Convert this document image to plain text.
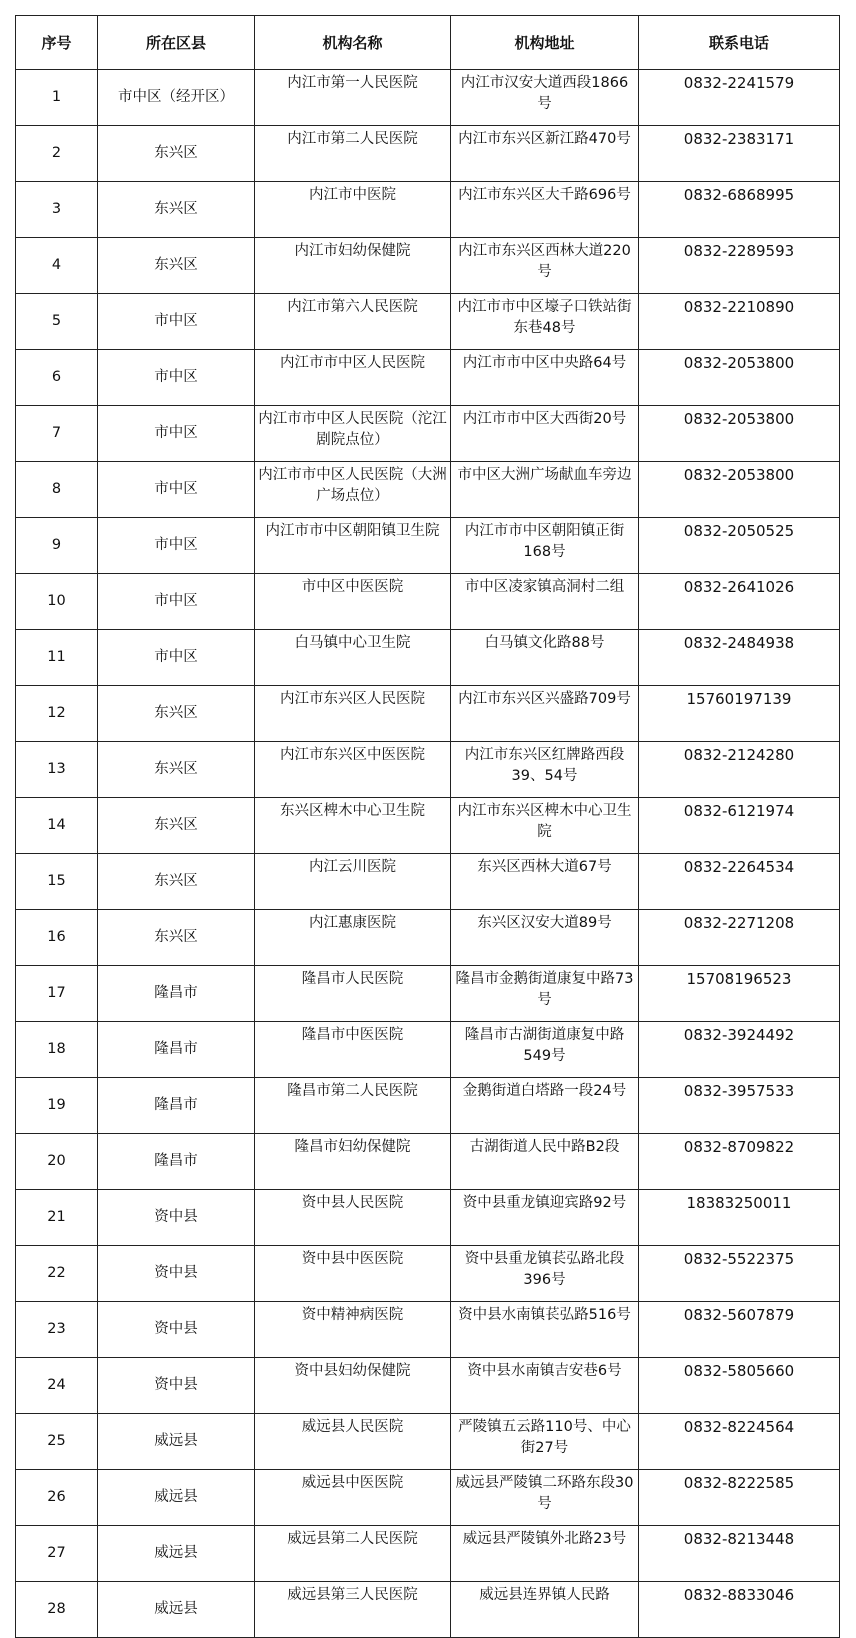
序号	所在区县	机构名称	机构地址	联系电话
1	市中区（经开区）	内江市第一人民医院	内江市汉安大道西段1866号	0832-2241579
2	东兴区	内江市第二人民医院	内江市东兴区新江路470号	0832-2383171
3	东兴区	内江市中医院	内江市东兴区大千路696号	0832-6868995
4	东兴区	内江市妇幼保健院	内江市东兴区西林大道220号	0832-2289593
5	市中区	内江市第六人民医院	内江市市中区壕子口铁站街东巷48号	0832-2210890
6	市中区	内江市市中区人民医院	内江市市中区中央路64号	0832-2053800
7	市中区	内江市市中区人民医院（沱江剧院点位）	内江市市中区大西街20号	0832-2053800
8	市中区	内江市市中区人民医院（大洲广场点位）	市中区大洲广场献血车旁边	0832-2053800
9	市中区	内江市市中区朝阳镇卫生院	内江市市中区朝阳镇正街168号	0832-2050525
10	市中区	市中区中医医院	市中区凌家镇高洞村二组	0832-2641026
11	市中区	白马镇中心卫生院	白马镇文化路88号	0832-2484938
12	东兴区	内江市东兴区人民医院	内江市东兴区兴盛路709号	15760197139
13	东兴区	内江市东兴区中医医院	内江市东兴区红牌路西段39、54号	0832-2124280
14	东兴区	东兴区椑木中心卫生院	内江市东兴区椑木中心卫生院	0832-6121974
15	东兴区	内江云川医院	东兴区西林大道67号	0832-2264534
16	东兴区	内江惠康医院	东兴区汉安大道89号	0832-2271208
17	隆昌市	隆昌市人民医院	隆昌市金鹅街道康复中路73号	15708196523
18	隆昌市	隆昌市中医医院	隆昌市古湖街道康复中路549号	0832-3924492
19	隆昌市	隆昌市第二人民医院	金鹅街道白塔路一段24号	0832-3957533
20	隆昌市	隆昌市妇幼保健院	古湖街道人民中路B2段	0832-8709822
21	资中县	资中县人民医院	资中县重龙镇迎宾路92号	18383250011
22	资中县	资中县中医医院	资中县重龙镇苌弘路北段396号	0832-5522375
23	资中县	资中精神病医院	资中县水南镇苌弘路516号	0832-5607879
24	资中县	资中县妇幼保健院	资中县水南镇吉安巷6号	0832-5805660
25	威远县	威远县人民医院	严陵镇五云路110号、中心街27号	0832-8224564
26	威远县	威远县中医医院	威远县严陵镇二环路东段30号	0832-8222585
27	威远县	威远县第二人民医院	威远县严陵镇外北路23号	0832-8213448
28	威远县	威远县第三人民医院	威远县连界镇人民路	0832-8833046
